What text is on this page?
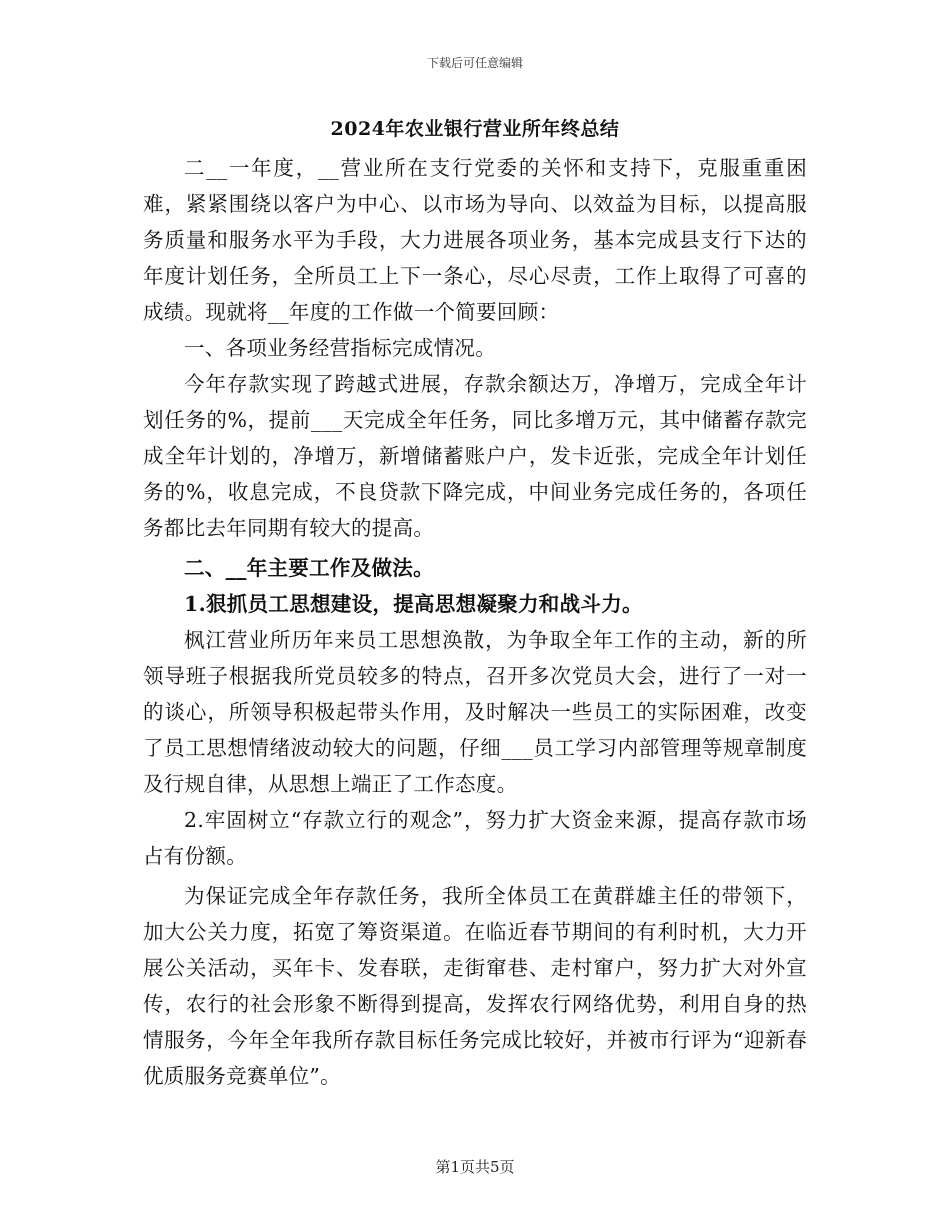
下载后可任意编辑
2024年农业银行营业所年终总结

二__一年度，__营业所在支行党委的关怀和支持下，克服重重困难，紧紧围绕以客户为中心、以市场为导向、以效益为目标，以提高服务质量和服务水平为手段，大力进展各项业务，基本完成县支行下达的年度计划任务，全所员工上下一条心，尽心尽责，工作上取得了可喜的成绩。现就将__年度的工作做一个简要回顾：

一、各项业务经营指标完成情况。

今年存款实现了跨越式进展，存款余额达万，净增万，完成全年计划任务的%，提前___天完成全年任务，同比多增万元，其中储蓄存款完成全年计划的，净增万，新增储蓄账户户，发卡近张，完成全年计划任务的%，收息完成，不良贷款下降完成，中间业务完成任务的，各项任务都比去年同期有较大的提高。

二、__年主要工作及做法。

1.狠抓员工思想建设，提高思想凝聚力和战斗力。

枫江营业所历年来员工思想涣散，为争取全年工作的主动，新的所领导班子根据我所党员较多的特点，召开多次党员大会，进行了一对一的谈心，所领导积极起带头作用，及时解决一些员工的实际困难，改变了员工思想情绪波动较大的问题，仔细___员工学习内部管理等规章制度及行规自律，从思想上端正了工作态度。

2.牢固树立“存款立行的观念”，努力扩大资金来源，提高存款市场占有份额。

为保证完成全年存款任务，我所全体员工在黄群雄主任的带领下，加大公关力度，拓宽了筹资渠道。在临近春节期间的有利时机，大力开展公关活动，买年卡、发春联，走街窜巷、走村窜户，努力扩大对外宣传，农行的社会形象不断得到提高，发挥农行网络优势，利用自身的热情服务，今年全年我所存款目标任务完成比较好，并被市行评为“迎新春优质服务竞赛单位”。

第1页共5页
